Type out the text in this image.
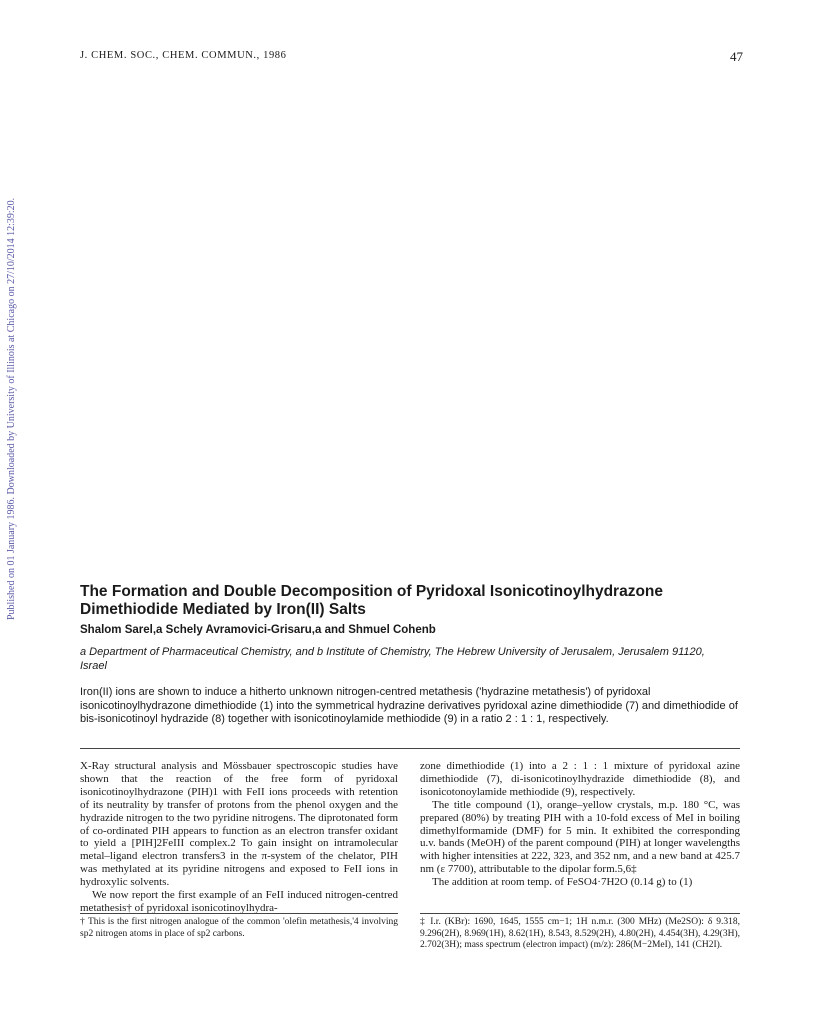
J. CHEM. SOC., CHEM. COMMUN., 1986	47
Published on 01 January 1986. Downloaded by University of Illinois at Chicago on 27/10/2014 12:39:20.	The Formation and Double Decomposition of Pyridoxal Isonicotinoylhydrazone Dimethiodide Mediated by Iron(II) Salts
Shalom Sarel,a Schely Avramovici-Grisaru,a and Shmuel Cohenb
a Department of Pharmaceutical Chemistry, and b Institute of Chemistry, The Hebrew University of Jerusalem, Jerusalem 91120, Israel
Iron(II) ions are shown to induce a hitherto unknown nitrogen-centred metathesis ('hydrazine metathesis') of pyridoxal isonicotinoylhydrazone dimethiodide (1) into the symmetrical hydrazine derivatives pyridoxal azine dimethiodide (7) and dimethiodide of bis-isonicotinoyl hydrazide (8) together with isonicotinoylamide methiodide (9) in a ratio 2 : 1 : 1, respectively.

X-Ray structural analysis and Mössbauer spectroscopic studies have shown that the reaction of the free form of pyridoxal isonicotinoylhydrazone (PIH)1 with FeII ions proceeds with retention of its neutrality by transfer of protons from the phenol oxygen and the hydrazide nitrogen to the two pyridine nitrogens. The diprotonated form of co-ordinated PIH appears to function as an electron transfer oxidant to yield a [PIH]2FeIII complex.2 To gain insight on intramolecular metal–ligand electron transfers3 in the π-system of the chelator, PIH was methylated at its pyridine nitrogens and exposed to FeII ions in hydroxylic solvents.

We now report the first example of an FeII induced nitrogen-centred metathesis† of pyridoxal isonicotinoylhydra-

zone dimethiodide (1) into a 2 : 1 : 1 mixture of pyridoxal azine dimethiodide (7), di-isonicotinoylhydrazide dimethiodide (8), and isonicotonoylamide methiodide (9), respectively.

The title compound (1), orange–yellow crystals, m.p. 180 °C, was prepared (80%) by treating PIH with a 10-fold excess of MeI in boiling dimethylformamide (DMF) for 5 min. It exhibited the corresponding u.v. bands (MeOH) of the parent compound (PIH) at longer wavelengths with higher intensities at 222, 323, and 352 nm, and a new band at 425.7 nm (ε 7700), attributable to the dipolar form.5,6‡

The addition at room temp. of FeSO4·7H2O (0.14 g) to (1)

† This is the first nitrogen analogue of the common 'olefin metathesis,'4 involving sp2 nitrogen atoms in place of sp2 carbons.
‡ I.r. (KBr): 1690, 1645, 1555 cm−1; 1H n.m.r. (300 MHz) (Me2SO): δ 9.318, 9.296(2H), 8.969(1H), 8.62(1H), 8.543, 8.529(2H), 4.80(2H), 4.454(3H), 4.29(3H), 2.702(3H); mass spectrum (electron impact) (m/z): 286(M−2MeI), 141 (CH2I).
